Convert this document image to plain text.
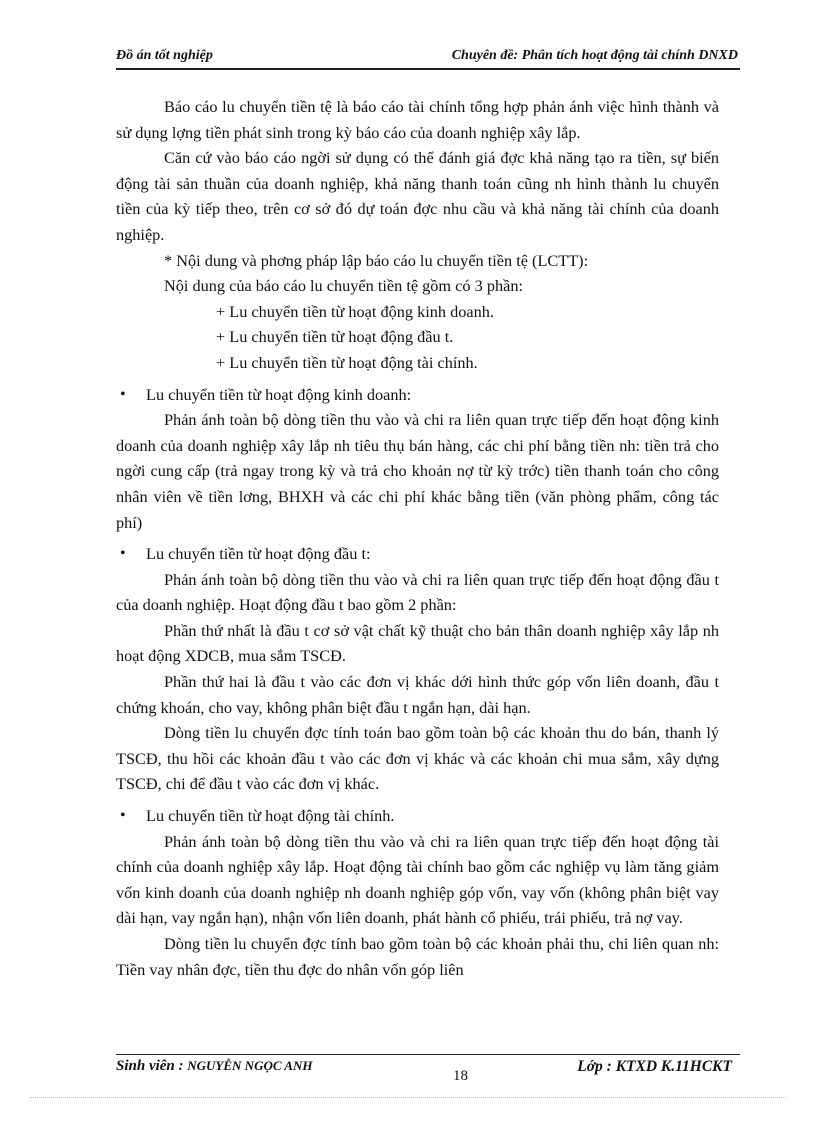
Đồ án tốt nghiệp	Chuyên đề: Phân tích hoạt động tài chính DNXD

Báo cáo lu chuyển tiền tệ là báo cáo tài chính tổng hợp phản ánh việc hình thành và sử dụng lợng tiền phát sinh trong kỳ báo cáo của doanh nghiệp xây lắp.

Căn cứ vào báo cáo ngời sử dụng có thể đánh giá đợc khả năng tạo ra tiền, sự biến động tài sản thuần của doanh nghiệp, khả năng thanh toán cũng nh hình thành lu chuyển tiền của kỳ tiếp theo, trên cơ sở đó dự toán đợc nhu cầu và khả năng tài chính của doanh nghiệp.

* Nội dung và phơng pháp lập báo cáo lu chuyển tiền tệ (LCTT):

Nội dung của báo cáo lu chuyển tiền tệ gồm có 3 phần:

+ Lu chuyển tiền từ hoạt động kinh doanh.

+ Lu chuyển tiền từ hoạt động đầu t.

+ Lu chuyển tiền từ hoạt động tài chính.

• Lu chuyển tiền từ hoạt động kinh doanh:

Phản ánh toàn bộ dòng tiền thu vào và chi ra liên quan trực tiếp đến hoạt động kinh doanh của doanh nghiệp xây lắp nh tiêu thụ bán hàng, các chi phí bằng tiền nh: tiền trả cho ngời cung cấp (trả ngay trong kỳ và trả cho khoản nợ từ kỳ trớc) tiền thanh toán cho công nhân viên về tiền lơng, BHXH và các chi phí khác bằng tiền (văn phòng phẩm, công tác phí)

• Lu chuyển tiền từ hoạt động đầu t:

Phản ánh toàn bộ dòng tiền thu vào và chi ra liên quan trực tiếp đến hoạt động đầu t của doanh nghiệp. Hoạt động đầu t bao gồm 2 phần:

Phần thứ nhất là đầu t cơ sở vật chất kỹ thuật cho bản thân doanh nghiệp xây lắp nh hoạt động XDCB, mua sắm TSCĐ.

Phần thứ hai là đầu t vào các đơn vị khác dới hình thức góp vốn liên doanh, đầu t chứng khoán, cho vay, không phân biệt đầu t ngắn hạn, dài hạn.

Dòng tiền lu chuyển đợc tính toán bao gồm toàn bộ các khoản thu do bán, thanh lý TSCĐ, thu hồi các khoản đầu t vào các đơn vị khác và các khoản chi mua sắm, xây dựng TSCĐ, chi để đầu t vào các đơn vị khác.

• Lu chuyển tiền từ hoạt động tài chính.

Phản ánh toàn bộ dòng tiền thu vào và chi ra liên quan trực tiếp đến hoạt động tài chính của doanh nghiệp xây lắp. Hoạt động tài chính bao gồm các nghiệp vụ làm tăng giảm vốn kinh doanh của doanh nghiệp nh doanh nghiệp góp vốn, vay vốn (không phân biệt vay dài hạn, vay ngắn hạn), nhận vốn liên doanh, phát hành cổ phiếu, trái phiếu, trả nợ vay.

Dòng tiền lu chuyển đợc tính bao gồm toàn bộ các khoản phải thu, chi liên quan nh: Tiền vay nhân đợc, tiền thu đợc do nhân vốn góp liên

Sinh viên : NGUYỄN NGỌC ANH
18
Lớp : KTXD K.11HCKT
